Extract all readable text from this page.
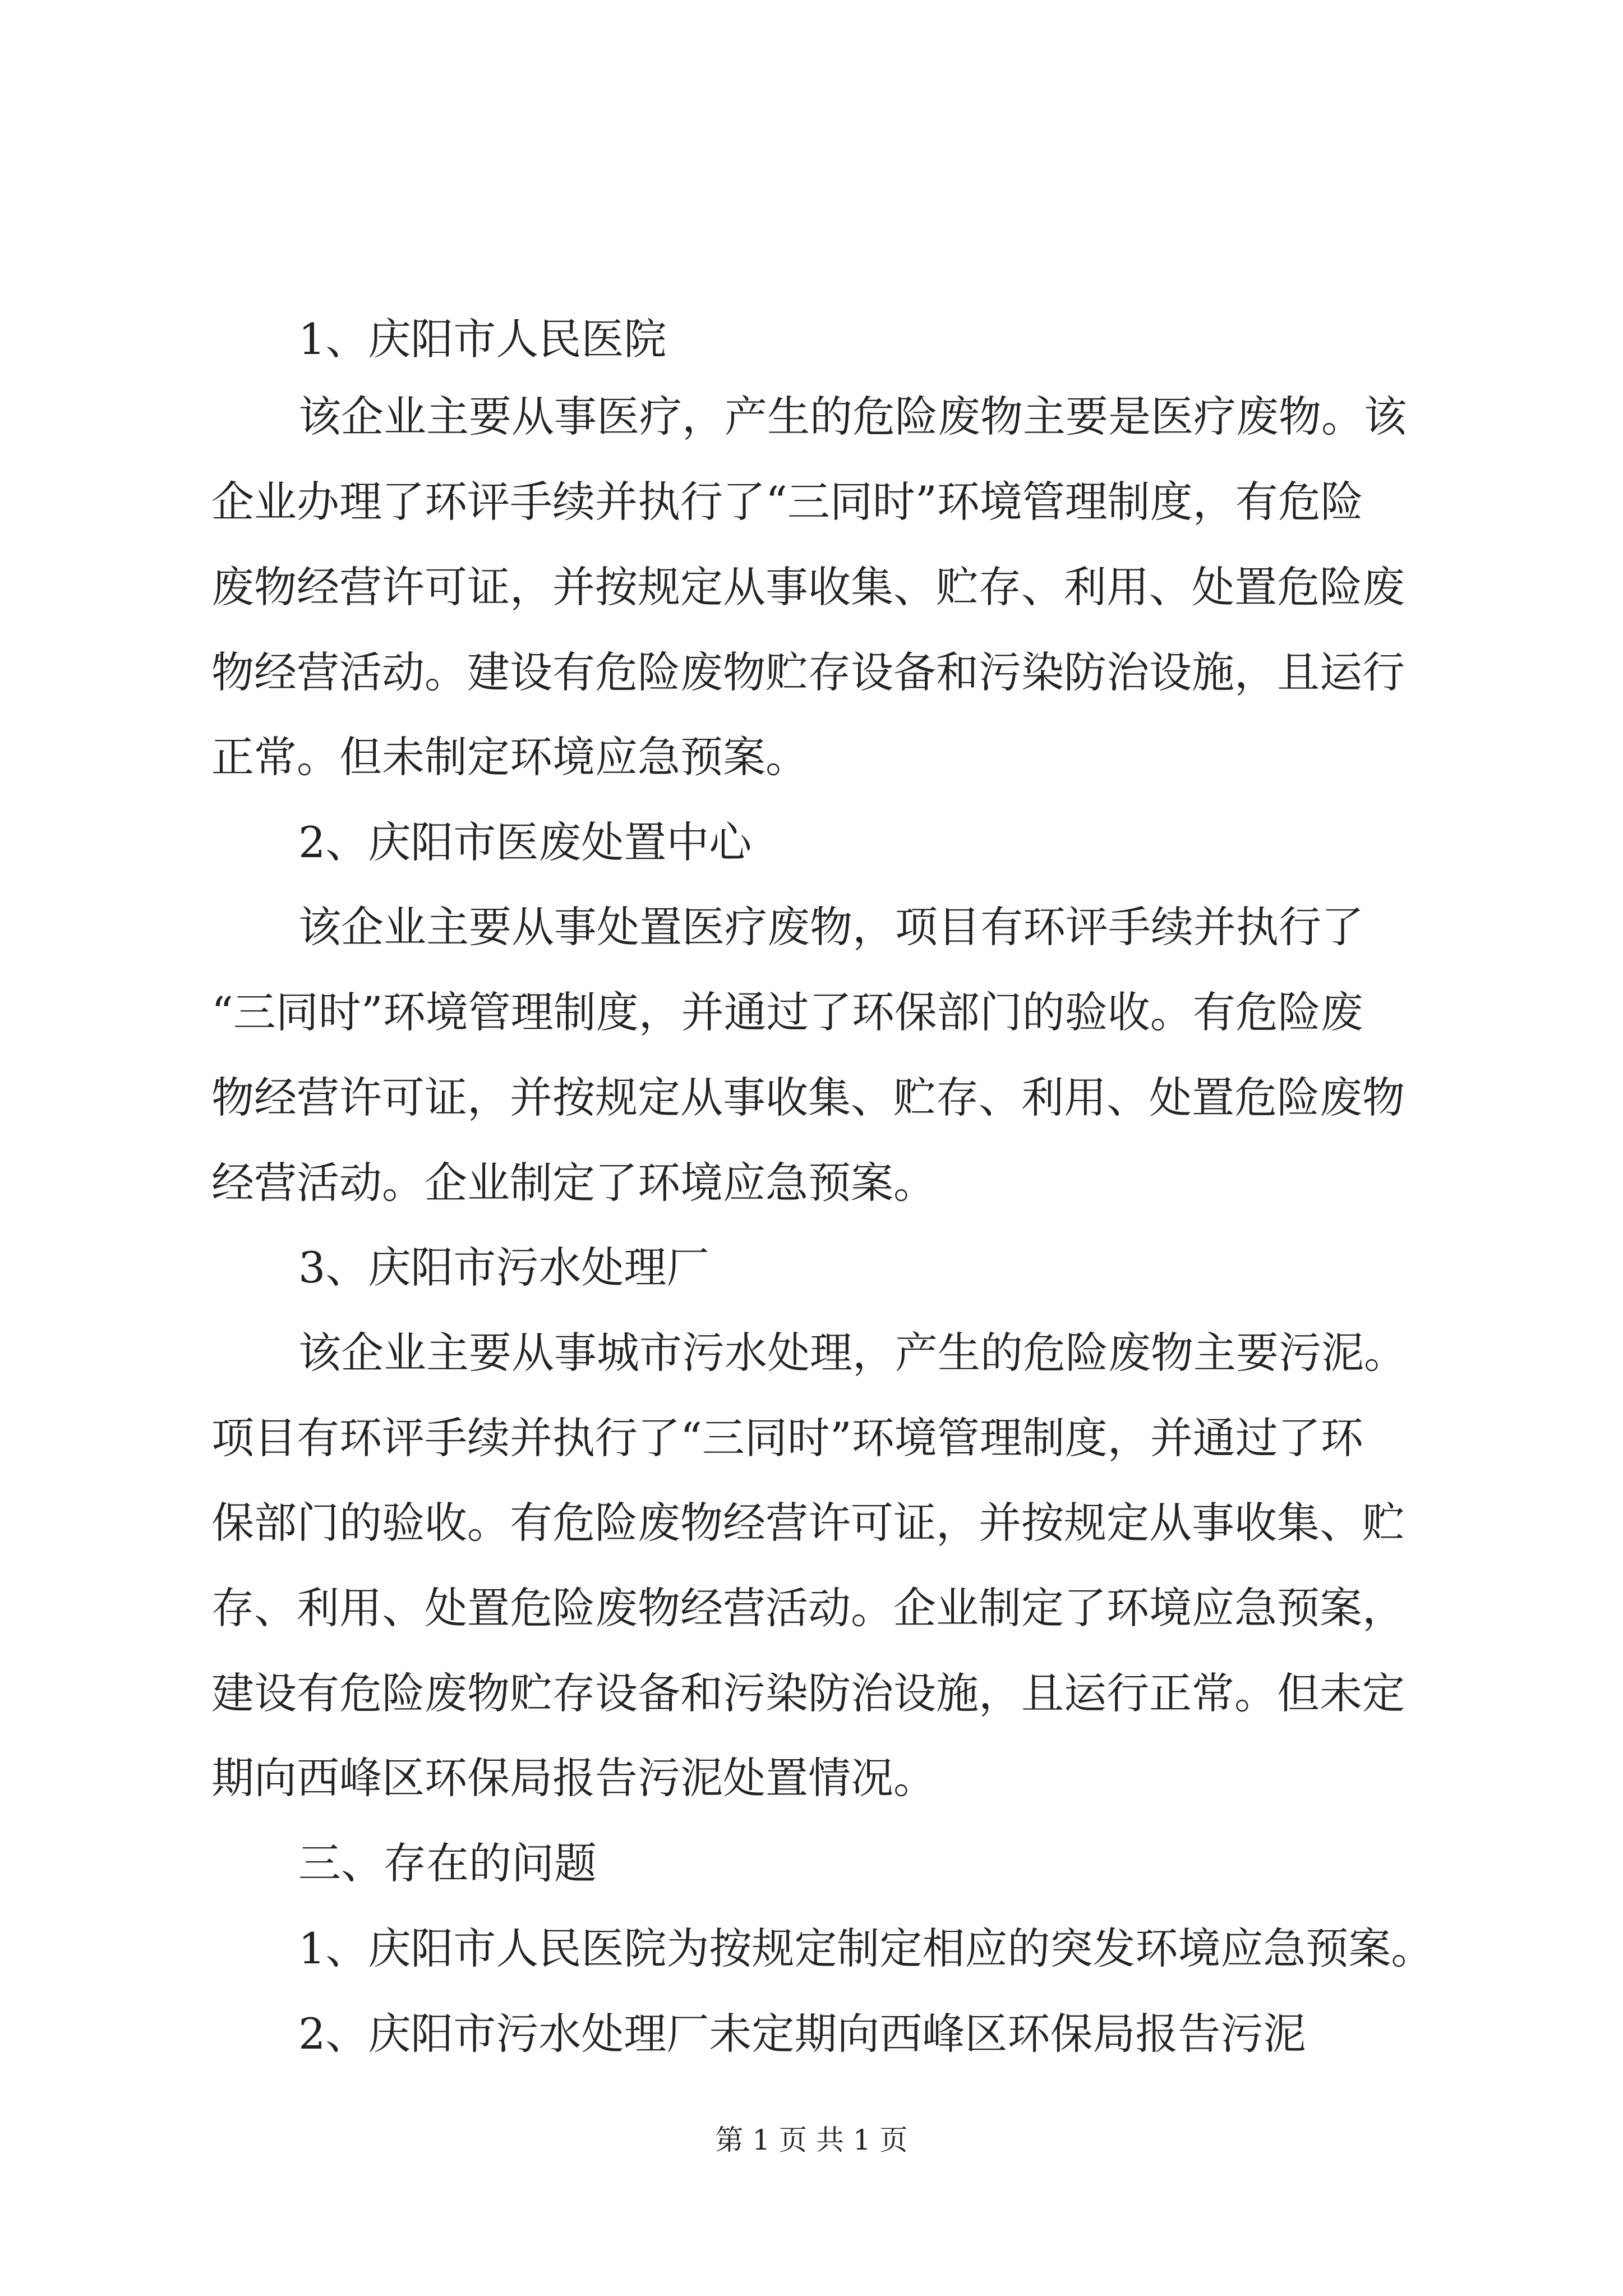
1、庆阳市人民医院
该企业主要从事医疗，产生的危险废物主要是医疗废物。该
企业办理了环评手续并执行了“三同时”环境管理制度，有危险
废物经营许可证，并按规定从事收集、贮存、利用、处置危险废
物经营活动。建设有危险废物贮存设备和污染防治设施，且运行
正常。但未制定环境应急预案。
2、庆阳市医废处置中心
该企业主要从事处置医疗废物，项目有环评手续并执行了
“三同时”环境管理制度，并通过了环保部门的验收。有危险废
物经营许可证，并按规定从事收集、贮存、利用、处置危险废物
经营活动。企业制定了环境应急预案。
3、庆阳市污水处理厂
该企业主要从事城市污水处理，产生的危险废物主要污泥。
项目有环评手续并执行了“三同时”环境管理制度，并通过了环
保部门的验收。有危险废物经营许可证，并按规定从事收集、贮
存、利用、处置危险废物经营活动。企业制定了环境应急预案，
建设有危险废物贮存设备和污染防治设施，且运行正常。但未定
期向西峰区环保局报告污泥处置情况。
三、存在的问题
1、庆阳市人民医院为按规定制定相应的突发环境应急预案。
2、庆阳市污水处理厂未定期向西峰区环保局报告污泥
第 1 页 共 1 页
